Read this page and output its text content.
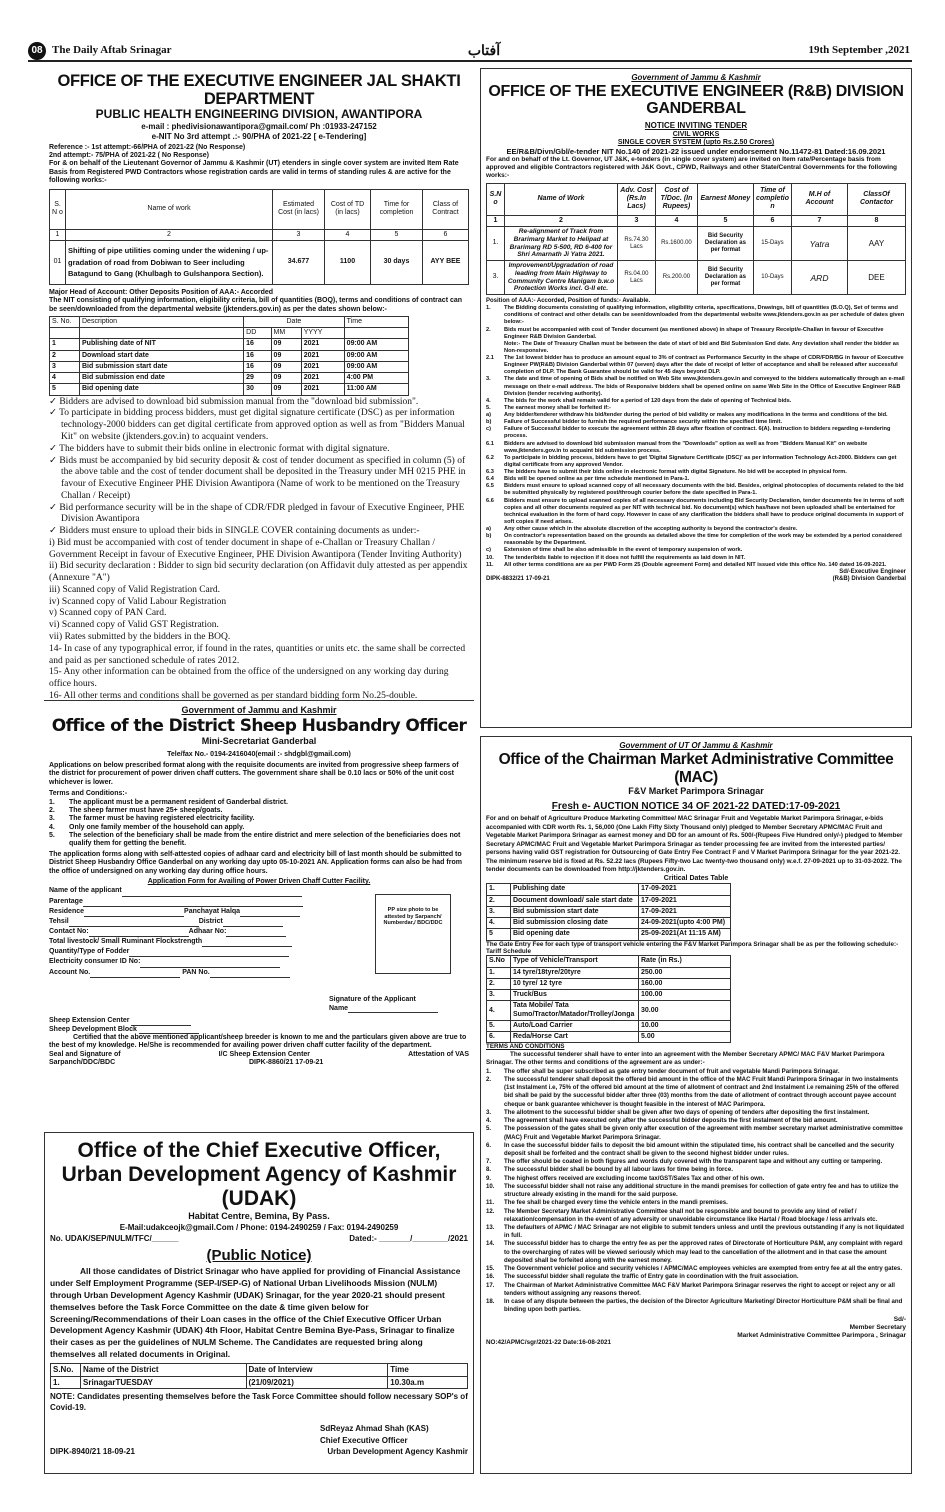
08 The Daily Aftab Srinagar	آفتاب	19th September ,2021
OFFICE OF THE EXECUTIVE ENGINEER JAL SHAKTI DEPARTMENT
PUBLIC HEALTH ENGINEERING DIVISION, AWANTIPORA
e-mail : phedivisionawantipora@gmail.com/ Ph :01933-247152
e-NIT No 3rd attempt .:- 90/PHA of 2021-22 [ e-Tendering]
Reference :- 1st attempt:-66/PHA of 2021-22 (No Response)
2nd attempt:- 75/PHA of 2021-22 ( No Response)
For & on behalf of the Lieutenant Governor of Jammu & Kashmir (UT) etenders in single cover system are invited Item Rate Basis from Registered PWD Contractors whose registration cards are valid in terms of standing rules & are active for the following works:-
S. N o	Name of work	Estimated Cost (in lacs)	Cost of TD (in lacs)	Time for completion	Class of Contract
1	2	3	4	5	6
01	Shifting of pipe utilities coming under the widening / up- gradation of road from Dobiwan to Seer including Batagund to Gang (Khulbagh to Gulshanpora Section).	34.677	1100	30 days	AYY BEE
Major Head of Account: Other Deposits Position of AAA:- Accorded
The NIT consisting of qualifying information, eligibility criteria, bill of quantities (BOQ), terms and conditions of contract can be seen/downloaded from the departmental website (jktenders.gov.in) as per the dates shown below:-
S. No.	Description	Date			Time
		DD	MM	YYYY	
1	Publishing date of NIT	16	09	2021	09:00 AM
2	Download start date	16	09	2021	09:00 AM
3	Bid submission start date	16	09	2021	09:00 AM
4	Bid submission end date	29	09	2021	4:00 PM
5	Bid opening date	30	09	2021	11:00 AM

✓ Bidders are advised to download bid submission manual from the "download bid submission".

✓ To participate in bidding process bidders, must get digital signature certificate (DSC) as per information technology-2000 bidders can get digital certificate from approved option as well as from "Bidders Manual Kit" on website (jktenders.gov.in) to acquaint venders.

✓ The bidders have to submit their bids online in electronic format with digital signature.

✓ Bids must be accompanied by bid security deposit & cost of tender document as specified in column (5) of the above table and the cost of tender document shall be deposited in the Treasury under MH 0215 PHE in favour of Executive Engineer PHE Division Awantipora (Name of work to be mentioned on the Treasury Challan / Receipt)

✓ Bid performance security will be in the shape of CDR/FDR pledged in favour of Executive Engineer, PHE Division Awantipora

✓ Bidders must ensure to upload their bids in SINGLE COVER containing documents as under:-

i) Bid must be accompanied with cost of tender document in shape of e-Challan or Treasury Challan / Government Receipt in favour of Executive Engineer, PHE Division Awantipora (Tender Inviting Authority) ii) Bid security declaration : Bidder to sign bid security declaration (on Affidavit duly attested as per appendix (Annexure "A")

iii) Scanned copy of Valid Registration Card.

iv) Scanned copy of Valid Labour Registration

v) Scanned copy of PAN Card.

vi) Scanned copy of Valid GST Registration.

vii) Rates submitted by the bidders in the BOQ.

14- In case of any typographical error, if found in the rates, quantities or units etc. the same shall be corrected and paid as per sanctioned schedule of rates 2012.

15- Any other information can be obtained from the office of the undersigned on any working day during office hours.

16- All other terms and conditions shall be governed as per standard bidding form No.25-double.

Government of Jammu & Kashmir
OFFICE OF THE EXECUTIVE ENGINEER (R&B) DIVISION GANDERBAL
NOTICE INVITING TENDER
CIVIL WORKS
SINGLE COVER SYSTEM (upto Rs.2.50 Crores)
EE/R&B/Divn/Gbl/e-tender NIT No.140 of 2021-22 issued under endorsement No.11472-81 Dated:16.09.2021
For and on behalf of the Lt. Governor, UT J&K, e-tenders (in single cover system) are invited on Item rate/Percentage basis from approved and eligible Contractors registered with J&K Govt., CPWD, Railways and other State/Central Governments for the following works:-
S.N o	Name of Work	Adv. Cost (Rs.In Lacs)	Cost of T/Doc. (In Rupees)	Earnest Money	Time of completio n	M.H of Account	ClassOf Contactor
1	2	3	4	5	6	7	8
1.	Re-alignment of Track from Brarimarg Market to Helipad at Brarimarg RD 5-500, RD 6-400 for Shri Amarnath Ji Yatra 2021.	Rs.74.30 Lacs	Rs.1600.00	Bid Security Declaration as per format	15-Days	Yatra	AAY
3.	Improvement/Upgradation of road leading from Main Highway to Community Centre Manigam b.w.o Protection Works incl. G-II etc.	Rs.04.00 Lacs	Rs.200.00	Bid Security Declaration as per format	10-Days	ARD	DEE
Position of AAA:- Accorded, Position of funds:- Available.
1.	The Bidding documents consisting of qualifying information, eligibility criteria, specifications, Drawings, bill of quantities (B.O.Q), Set of terms and conditions of contract and other details can be seen/downloaded from the departmental website www.jktenders.gov.in as per schedule of dates given below:-
2.	Bids must be accompanied with cost of Tender document (as mentioned above) in shape of Treasury Receipt/e-Challan in favour of Executive Engineer R&B Division Ganderbal.
Note:- The Date of Treasury Challan must be between the date of start of bid and Bid Submission End date. Any deviation shall render the bidder as Non-responsive.
2.1	The 1st lowest bidder has to produce an amount equal to 3% of contract as Performance Security in the shape of CDR/FDR/BG in favour of Executive Engineer PW(R&B) Division Ganderbal within 07 (seven) days after the date of receipt of letter of acceptance and shall be released after successful completion of DLP. The Bank Guarantee should be valid for 45 days beyond DLP.
3.	The date and time of opening of Bids shall be notified on Web Site www.jktenders.gov.in and conveyed to the bidders automatically through an e-mail message on their e-mail address. The bids of Responsive bidders shall be opened online on same Web Site in the Office of Executive Engineer R&B Division (tender receiving authority).
4.	The bids for the work shall remain valid for a period of 120 days from the date of opening of Technical bids.
5.	The earnest money shall be forfeited if:-
a)	Any bidder/tenderer withdraw his bid/tender during the period of bid validity or makes any modifications in the terms and conditions of the bid.
b)	Failure of Successful bidder to furnish the required performance security within the specified time limit.
c)	Failure of Successful bidder to execute the agreement within 28 days after fixation of contract. 6(A). Instruction to bidders regarding e-tendering process.
6.1	Bidders are advised to download bid submission manual from the "Downloads" option as well as from "Bidders Manual Kit" on website www.jktenders.gov.in to acquaint bid submission process.
6.2	To participate in bidding process, bidders have to get 'Digital Signature Certificate (DSC)' as per information Technology Act-2000. Bidders can get digital certificate from any approved Vendor.
6.3	The bidders have to submit their bids online in electronic format with digital Signature. No bid will be accepted in physical form.
6.4	Bids will be opened online as per time schedule mentioned in Para-1.
6.5	Bidders must ensure to upload scanned copy of all necessary documents with the bid. Besides, original photocopies of documents related to the bid be submitted physically by registered post/through courier before the date specified in Para-1.
6.6	Bidders must ensure to upload scanned copies of all necessary documents including Bid Security Declaration, tender documents fee in terms of soft copies and all other documents required as per NIT with technical bid. No document(s) which has/have not been uploaded shall be entertained for technical evaluation in the form of hard copy. However in case of any clarification the bidders shall have to produce original documents in support of soft copies if need arises.
a)	Any other cause which in the absolute discretion of the accepting authority is beyond the contractor's desire.
b)	On contractor's representation based on the grounds as detailed above the time for completion of the work may be extended by a period considered reasonable by the Department.
c)	Extension of time shall be also admissible in the event of temporary suspension of work.
10.	The tender/bids liable to rejection if it does not fulfill the requirements as laid down in NIT.
11.	All other terms conditions are as per PWD Form 25 (Double agreement Form) and detailed NIT issued vide this office No. 140 dated 16-09-2021.
Sd/-Executive Engineer
DIPK-8832/21 17-09-21	(R&B) Division Ganderbal
Government of Jammu and Kashmir
Office of the District Sheep Husbandry Officer
Mini-Secretariat Ganderbal
Tele/fax No.- 0194-2416040(email :- shdgbl@gmail.com)
Applications on below prescribed format along with the requisite documents are invited from progressive sheep farmers of the district for procurement of power driven chaff cutters. The government share shall be 0.10 lacs or 50% of the unit cost whichever is lower.
Terms and Conditions:-
1.	The applicant must be a permanent resident of Ganderbal district.
2.	The sheep farmer must have 25+ sheep/goats.
3.	The farmer must be having registered electricity facility.
4.	Only one family member of the household can apply.
5.	The selection of the beneficiary shall be made from the entire district and mere selection of the beneficiaries does not qualify them for getting the benefit.
The application forms along with self-attested copies of adhaar card and electricity bill of last month should be submitted to District Sheep Husbandry Office Ganderbal on any working day upto 05-10-2021 AN. Application forms can also be had from the office of undersigned on any working day during office hours.
Application Form for Availing of Power Driven Chaff Cutter Facility.
Name of the applicant
Parentage
Residence	Panchayat Halqa
Tehsil	District
Contact No:	Adhaar No:
Total livestock/ Small Ruminant Flockstrength
Quantity/Type of Fodder
Electricity consumer ID No:
Account No.	PAN No.
PP size photo to be attested by Sarpanch/ Numberdar,/ BDC/DDC
Signature of the Applicant
Name
Sheep Extension Center
Sheep Development Block
Certified that the above mentioned applicant/sheep breeder is known to me and the particulars given above are true to the best of my knowledge. He/She is recommended for availing power driven chaff cutter facility of the department.
Seal and Signature of	I/C Sheep Extension Center	Attestation of VAS
Sarpanch/DDC/BDC	DIPK-8860/21 17-09-21
Office of the Chief Executive Officer,
Urban Development Agency of Kashmir (UDAK)
Habitat Centre, Bemina, By Pass.
E-Mail:udakceojk@gmail.Com / Phone: 0194-2490259 / Fax: 0194-2490259
No. UDAK/SEP/NULM/TFC/______	Dated:- _______/________/2021
(Public Notice)
All those candidates of District Srinagar who have applied for providing of Financial Assistance under Self Employment Programme (SEP-I/SEP-G) of National Urban Livelihoods Mission (NULM) through Urban Development Agency Kashmir (UDAK) Srinagar, for the year 2020-21 should present themselves before the Task Force Committee on the date & time given below for Screening/Recommendations of their Loan cases in the office of the Chief Executive Officer Urban Development Agency Kashmir (UDAK) 4th Floor, Habitat Centre Bemina Bye-Pass, Srinagar to finalize their cases as per the guidelines of NULM Scheme. The Candidates are requested bring along themselves all related documents in Original.
S.No.	Name of the District	Date of Interview	Time
1.	SrinagarTUESDAY	(21/09/2021)	10.30a.m
NOTE: Candidates presenting themselves before the Task Force Committee should follow necessary SOP's of Covid-19.
SdReyaz Ahmad Shah (KAS)
Chief Executive Officer
DIPK-8940/21 18-09-21	Urban Development Agency Kashmir
Government of UT Of Jammu & Kashmir
Office of the Chairman Market Administrative Committee (MAC)
F&V Market Parimpora Srinagar
Fresh e- AUCTION NOTICE 34 OF 2021-22 DATED:17-09-2021
For and on behalf of Agriculture Produce Marketing Committee/ MAC Srinagar Fruit and Vegetable Market Parimpora Srinagar, e-bids accompanied with CDR worth Rs. 1, 56,000 (One Lakh Fifty Sixty Thousand only) pledged to Member Secretary APMC/MAC Fruit and Vegetable Market Parimpora Srinagar as earnest money and DD for an amount of Rs. 500/-(Rupees Five Hundred only/-) pledged to Member Secretary APMC/MAC Fruit and Vegetable Market Parimpora Srinagar as tender processing fee are invited from the interested parties/ persons having valid GST registration for Outsourcing of Gate Entry Fee Contract F and V Market Parimpora Srinagar for the year 2021-22. The minimum reserve bid is fixed at Rs. 52.22 lacs (Rupees Fifty-two Lac twenty-two thousand only) w.e.f. 27-09-2021 up to 31-03-2022. The tender documents can be downloaded from http://jktenders.gov.in.
Critical Dates Table
1.	Publishing date	17-09-2021
2.	Document download/ sale start date	17-09-2021
3.	Bid submission start date	17-09-2021
4.	Bid submission closing date	24-09-2021(upto 4:00 PM)
5	Bid opening date	25-09-2021(At 11:15 AM)
The Gate Entry Fee for each type of transport vehicle entering the F&V Market Parimpora Srinagar shall be as per the following schedule:- Tariff Schedule
S.No	Type of Vehicle/Transport	Rate (in Rs.)
1.	14 tyre/18tyre/20tyre	250.00
2.	10 tyre/ 12 tyre	160.00
3.	Truck/Bus	100.00
4.	Tata Mobile/ Tata Sumo/Tractor/Matador/Trolley/Jonga	30.00
5.	Auto/Load Carrier	10.00
6.	Reda/Horse Cart	5.00
TERMS AND CONDITIONS
The successful tenderer shall have to enter into an agreement with the Member Secretary APMC/ MAC F&V Market Parimpora Srinagar. The other terms and conditions of the agreement are as under:-
1.	The offer shall be super subscribed as gate entry tender document of fruit and vegetable Mandi Parimpora Srinagar.
2.	The successful tenderer shall deposit the offered bid amount in the office of the MAC Fruit Mandi Parimpora Srinagar in two instalments (1st Instalment i.e, 75% of the offered bid amount at the time of allotment of contract and 2nd Instalment i.e remaining 25% of the offered bid shall be paid by the successful bidder after three (03) months from the date of allotment of contract through account payee account cheque or bank guarantee whichever is thought feasible in the interest of MAC Parimpora.
3.	The allotment to the successful bidder shall be given after two days of opening of tenders after depositing the first instalment.
4.	The agreement shall have executed only after the successful bidder deposits the first instalment of the bid amount.
5.	The possession of the gates shall be given only after execution of the agreement with member secretary market administrative committee (MAC) Fruit and Vegetable Market Parimpora Srinagar.
6.	In case the successful bidder fails to deposit the bid amount within the stipulated time, his contract shall be cancelled and the security deposit shall be forfeited and the contract shall be given to the second highest bidder under rules.
7.	The offer should be coated in both figures and words duly covered with the transparent tape and without any cutting or tampering.
8.	The successful bidder shall be bound by all labour laws for time being in force.
9.	The highest offers received are excluding income tax/GST/Sales Tax and other of his own.
10.	The successful bidder shall not raise any additional structure in the mandi premises for collection of gate entry fee and has to utilize the structure already existing in the mandi for the said purpose.
11.	The fee shall be charged every time the vehicle enters in the mandi premises.
12.	The Member Secretary Market Administrative Committee shall not be responsible and bound to provide any kind of relief / relaxation/compensation in the event of any adversity or unavoidable circumstance like Hartal / Road blockage / less arrivals etc.
13.	The defaulters of APMC / MAC Srinagar are not eligible to submit tenders unless and until the previous outstanding if any is not liquidated in full.
14.	The successful bidder has to charge the entry fee as per the approved rates of Directorate of Horticulture P&M, any complaint with regard to the overcharging of rates will be viewed seriously which may lead to the cancellation of the allotment and in that case the amount deposited shall be forfeited along with the earnest money.
15.	The Government vehicle/ police and security vehicles / APMC/MAC employees vehicles are exempted from entry fee at all the entry gates.
16.	The successful bidder shall regulate the traffic of Entry gate in coordination with the fruit association.
17.	The Chairman of Market Administrative Committee MAC F&V Market Parimpora Srinagar reserves the right to accept or reject any or all tenders without assigning any reasons thereof.
18.	In case of any dispute between the parties, the decision of the Director Agriculture Marketing/ Director Horticulture P&M shall be final and binding upon both parties.
Sd/-
Member Secretary
Market Administrative Committee Parimpora , Srinagar
NO:42/APMC/sgr/2021-22 Date:16-08-2021
